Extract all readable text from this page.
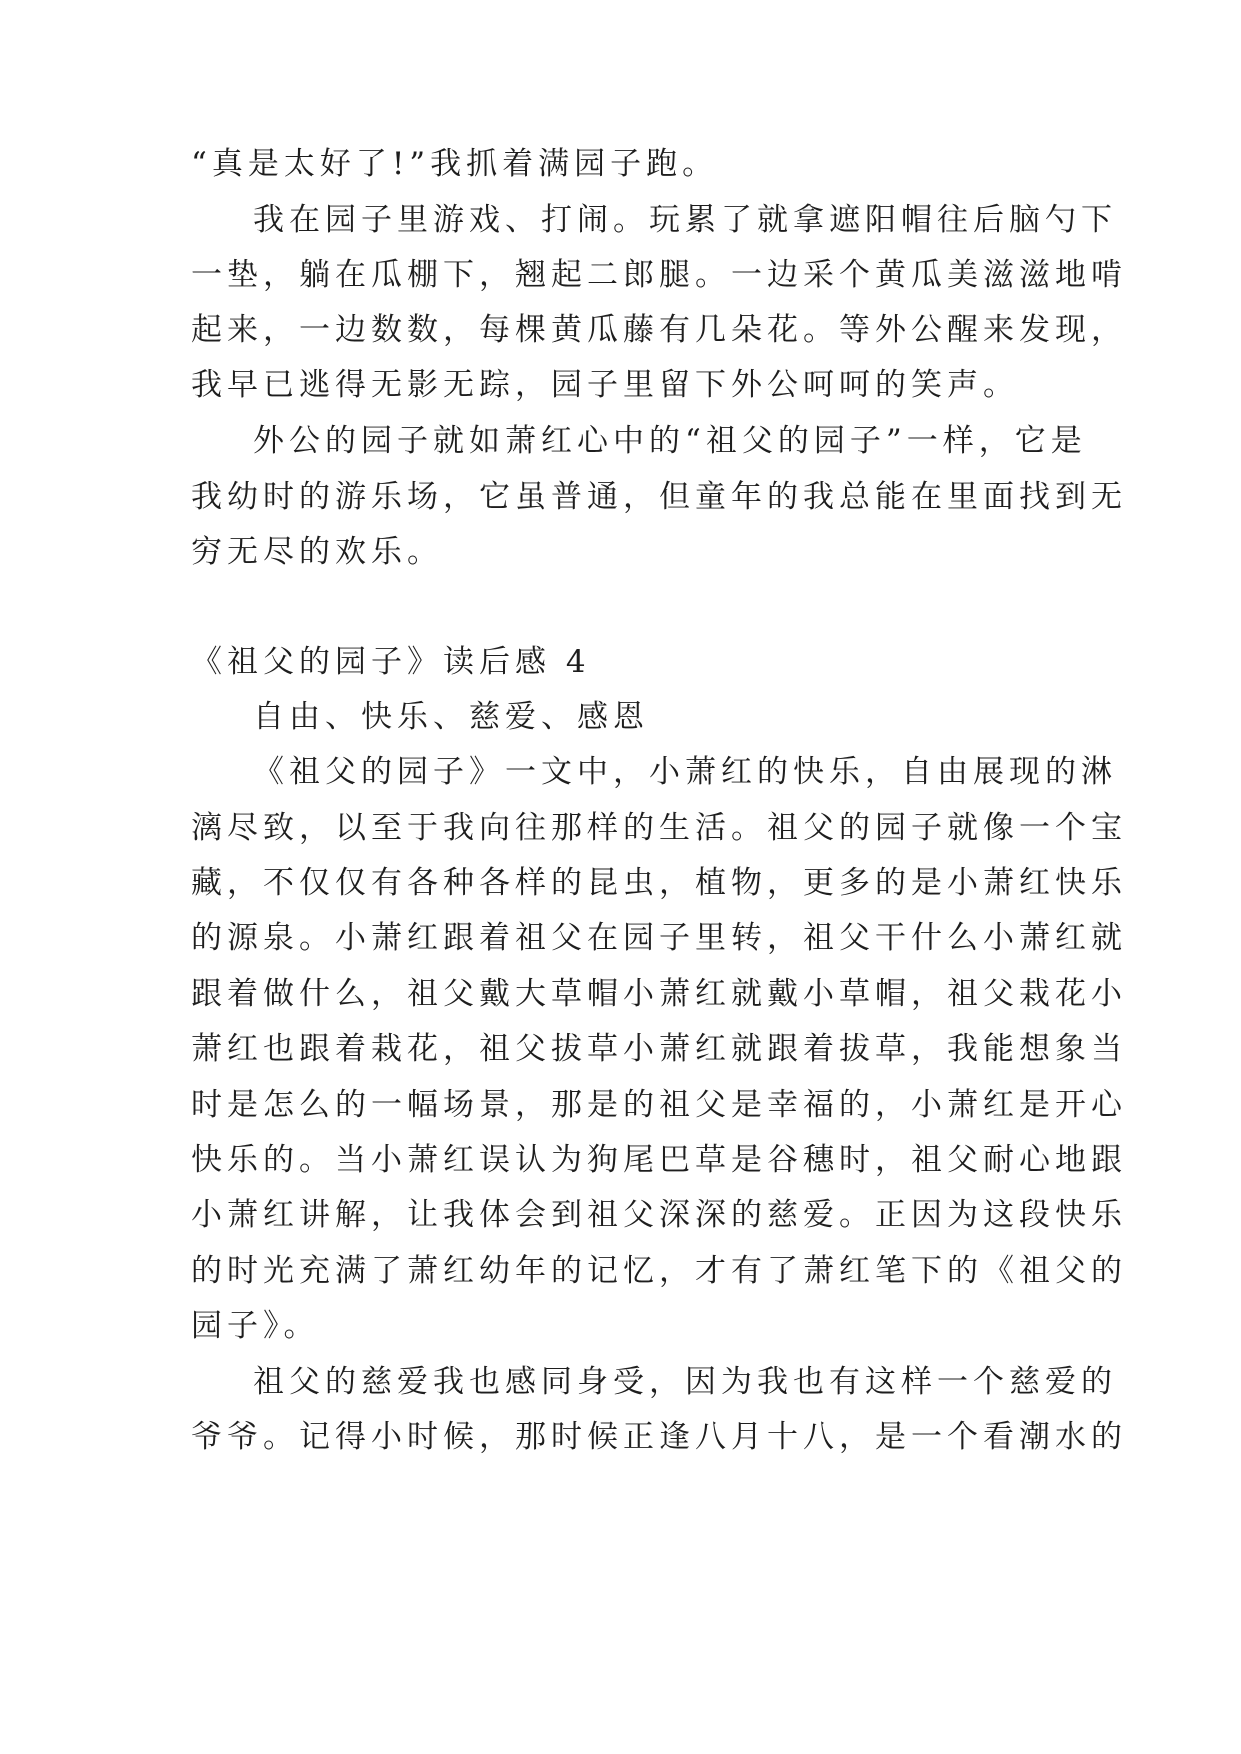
“真是太好了!”我抓着满园子跑。

我在园子里游戏、打闹。玩累了就拿遮阳帽往后脑勺下

一垫，躺在瓜棚下，翘起二郎腿。一边采个黄瓜美滋滋地啃

起来，一边数数，每棵黄瓜藤有几朵花。等外公醒来发现，

我早已逃得无影无踪，园子里留下外公呵呵的笑声。

外公的园子就如萧红心中的“祖父的园子”一样，它是

我幼时的游乐场，它虽普通，但童年的我总能在里面找到无

穷无尽的欢乐。

《祖父的园子》读后感 4

自由、快乐、慈爱、感恩

《祖父的园子》一文中，小萧红的快乐，自由展现的淋

漓尽致，以至于我向往那样的生活。祖父的园子就像一个宝

藏，不仅仅有各种各样的昆虫，植物，更多的是小萧红快乐

的源泉。小萧红跟着祖父在园子里转，祖父干什么小萧红就

跟着做什么，祖父戴大草帽小萧红就戴小草帽，祖父栽花小

萧红也跟着栽花，祖父拔草小萧红就跟着拔草，我能想象当

时是怎么的一幅场景，那是的祖父是幸福的，小萧红是开心

快乐的。当小萧红误认为狗尾巴草是谷穗时，祖父耐心地跟

小萧红讲解，让我体会到祖父深深的慈爱。正因为这段快乐

的时光充满了萧红幼年的记忆，才有了萧红笔下的《祖父的

园子》。

祖父的慈爱我也感同身受，因为我也有这样一个慈爱的

爷爷。记得小时候，那时候正逢八月十八，是一个看潮水的
